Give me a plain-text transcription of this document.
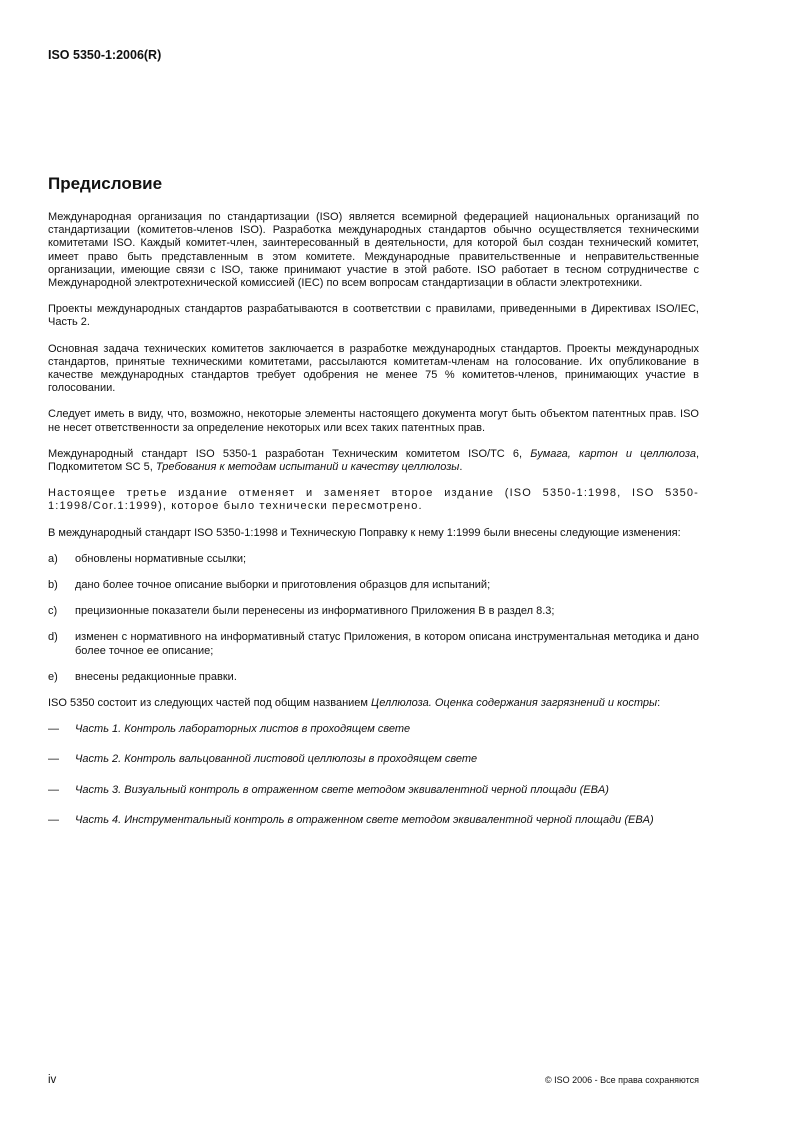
ISO 5350-1:2006(R)
Предисловие

Международная организация по стандартизации (ISO) является всемирной федерацией национальных организаций по стандартизации (комитетов-членов ISO). Разработка международных стандартов обычно осуществляется техническими комитетами ISO. Каждый комитет-член, заинтересованный в деятельности, для которой был создан технический комитет, имеет право быть представленным в этом комитете. Международные правительственные и неправительственные организации, имеющие связи с ISO, также принимают участие в этой работе. ISO работает в тесном сотрудничестве с Международной электротехнической комиссией (IEC) по всем вопросам стандартизации в области электротехники.

Проекты международных стандартов разрабатываются в соответствии с правилами, приведенными в Директивах ISO/IEC, Часть 2.

Основная задача технических комитетов заключается в разработке международных стандартов. Проекты международных стандартов, принятые техническими комитетами, рассылаются комитетам-членам на голосование. Их опубликование в качестве международных стандартов требует одобрения не менее 75 % комитетов-членов, принимающих участие в голосовании.

Следует иметь в виду, что, возможно, некоторые элементы настоящего документа могут быть объектом патентных прав. ISO не несет ответственности за определение некоторых или всех таких патентных прав.

Международный стандарт ISO 5350-1 разработан Техническим комитетом ISO/TC 6, Бумага, картон и целлюлоза, Подкомитетом SC 5, Требования к методам испытаний и качеству целлюлозы.

Настоящее третье издание отменяет и заменяет второе издание (ISO 5350-1:1998, ISO 5350-1:1998/Cor.1:1999), которое было технически пересмотрено.

В международный стандарт ISO 5350-1:1998 и Техническую Поправку к нему 1:1999 были внесены следующие изменения:

a)	обновлены нормативные ссылки;
b)	дано более точное описание выборки и приготовления образцов для испытаний;
c)	прецизионные показатели были перенесены из информативного Приложения В в раздел 8.3;
d)	изменен с нормативного на информативный статус Приложения, в котором описана инструментальная методика и дано более точное ее описание;
e)	внесены редакционные правки.

ISO 5350 состоит из следующих частей под общим названием Целлюлоза. Оценка содержания загрязнений и костры:

—	Часть 1. Контроль лабораторных листов в проходящем свете
—	Часть 2. Контроль вальцованной листовой целлюлозы в проходящем свете
—	Часть 3. Визуальный контроль в отраженном свете методом эквивалентной черной площади (EBA)
—	Часть 4. Инструментальный контроль в отраженном свете методом эквивалентной черной площади (EBA)
iv	© ISO 2006 - Все права сохраняются
